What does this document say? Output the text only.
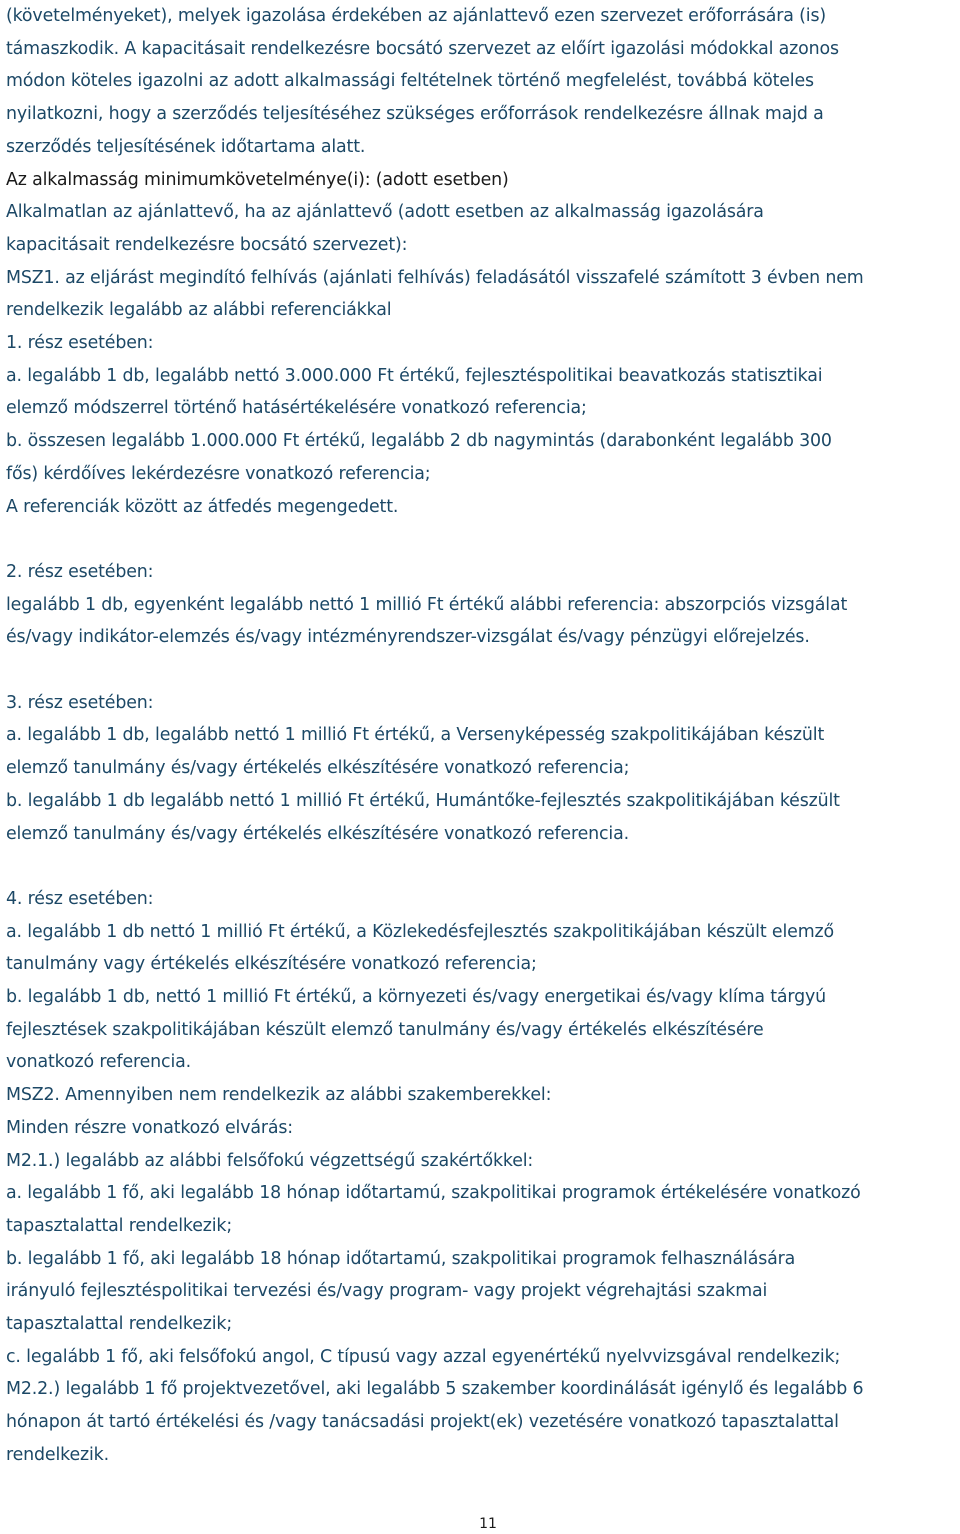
(követelményeket), melyek igazolása érdekében az ajánlattevő ezen szervezet erőforrására (is)
támaszkodik. A kapacitásait rendelkezésre bocsátó szervezet az előírt igazolási módokkal azonos
módon köteles igazolni az adott alkalmassági feltételnek történő megfelelést, továbbá köteles
nyilatkozni, hogy a szerződés teljesítéséhez szükséges erőforrások rendelkezésre állnak majd a
szerződés teljesítésének időtartama alatt.
Az alkalmasság minimumkövetelménye(i): (adott esetben)
Alkalmatlan az ajánlattevő, ha az ajánlattevő (adott esetben az alkalmasság igazolására
kapacitásait rendelkezésre bocsátó szervezet):
MSZ1. az eljárást megindító felhívás (ajánlati felhívás) feladásától visszafelé számított 3 évben nem
rendelkezik legalább az alábbi referenciákkal
1. rész esetében:
a. legalább 1 db, legalább nettó 3.000.000 Ft értékű, fejlesztéspolitikai beavatkozás statisztikai
elemző módszerrel történő hatásértékelésére vonatkozó referencia;
b. összesen legalább 1.000.000 Ft értékű, legalább 2 db nagymintás (darabonként legalább 300
fős) kérdőíves lekérdezésre vonatkozó referencia;
A referenciák között az átfedés megengedett.
2. rész esetében:
legalább 1 db, egyenként legalább nettó 1 millió Ft értékű alábbi referencia: abszorpciós vizsgálat
és/vagy indikátor-elemzés és/vagy intézményrendszer-vizsgálat és/vagy pénzügyi előrejelzés.
3. rész esetében:
a. legalább 1 db, legalább nettó 1 millió Ft értékű, a Versenyképesség szakpolitikájában készült
elemző tanulmány és/vagy értékelés elkészítésére vonatkozó referencia;
b. legalább 1 db legalább nettó 1 millió Ft értékű, Humántőke-fejlesztés szakpolitikájában készült
elemző tanulmány és/vagy értékelés elkészítésére vonatkozó referencia.
4. rész esetében:
a. legalább 1 db nettó 1 millió Ft értékű, a Közlekedésfejlesztés szakpolitikájában készült elemző
tanulmány vagy értékelés elkészítésére vonatkozó referencia;
b. legalább 1 db, nettó 1 millió Ft értékű, a környezeti és/vagy energetikai és/vagy klíma tárgyú
fejlesztések szakpolitikájában készült elemző tanulmány és/vagy értékelés elkészítésére
vonatkozó referencia.
MSZ2. Amennyiben nem rendelkezik az alábbi szakemberekkel:
Minden részre vonatkozó elvárás:
M2.1.) legalább az alábbi felsőfokú végzettségű szakértőkkel:
a. legalább 1 fő, aki legalább 18 hónap időtartamú, szakpolitikai programok értékelésére vonatkozó
tapasztalattal rendelkezik;
b. legalább 1 fő, aki legalább 18 hónap időtartamú, szakpolitikai programok felhasználására
irányuló fejlesztéspolitikai tervezési és/vagy program- vagy projekt végrehajtási szakmai
tapasztalattal rendelkezik;
c. legalább 1 fő, aki felsőfokú angol, C típusú vagy azzal egyenértékű nyelvvizsgával rendelkezik;
M2.2.) legalább 1 fő projektvezetővel, aki legalább 5 szakember koordinálását igénylő és legalább 6
hónapon át tartó értékelési és /vagy tanácsadási projekt(ek) vezetésére vonatkozó tapasztalattal
rendelkezik.
11
